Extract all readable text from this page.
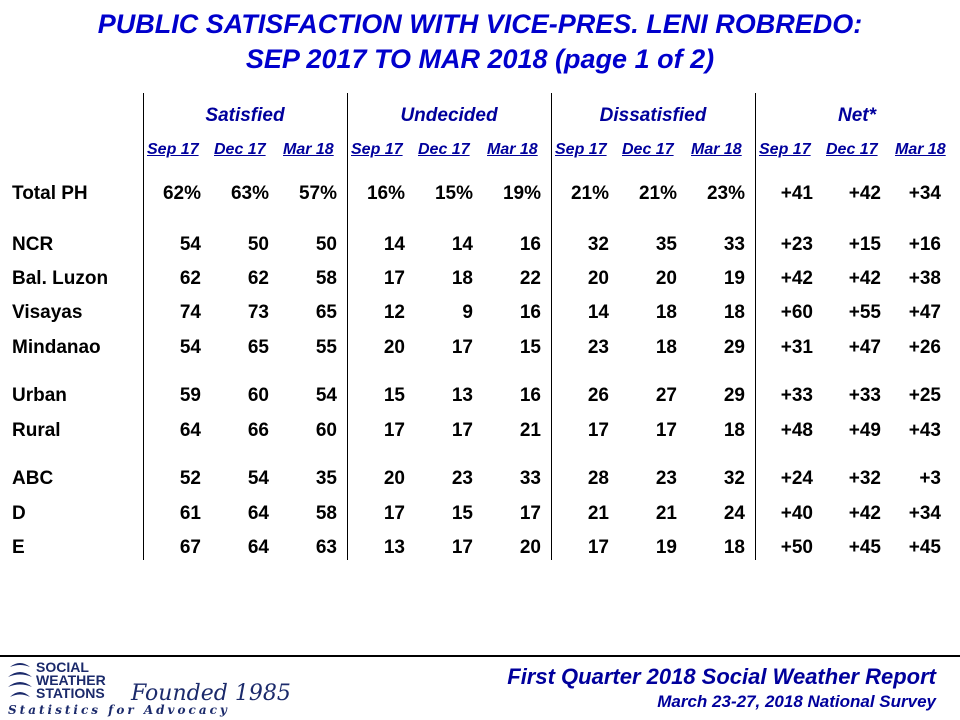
PUBLIC SATISFACTION WITH VICE-PRES. LENI ROBREDO:
SEP 2017 TO MAR 2018 (page 1 of 2)
Satisfied
Sep 17 Dec 17 Mar 18
Undecided
Sep 17 Dec 17 Mar 18
Dissatisfied
Sep 17 Dec 17 Mar 18
Net*
Sep 17 Dec 17 Mar 18
Total PH	62% 63% 57% 16% 15% 19% 21% 21% 23%	+41	+42	+34
NCR	54	50	50	14	14	16	32	35	33	+23	+15	+16
Bal. Luzon	62	62	58	17	18	22	20	20	19	+42	+42	+38
Visayas	74	73	65	12	9	16	14	18	18	+60	+55	+47
Mindanao	54	65	55	20	17	15	23	18	29	+31	+47	+26
Urban	59	60	54	15	13	16	26	27	29	+33	+33	+25
Rural	64	66	60	17	17	21	17	17	18	+48	+49	+43
ABC	52	54	35	20	23	33	28	23	32	+24	+32	+3
D	61	64	58	17	15	17	21	21	24	+40	+42	+34
E	67	64	63	13	17	20	17	19	18	+50	+45	+45
SOCIAL
WEATHER
STATIONS Founded 1985
Statistics for Advocacy
First Quarter 2018 Social Weather Report
March 23-27, 2018 National Survey
